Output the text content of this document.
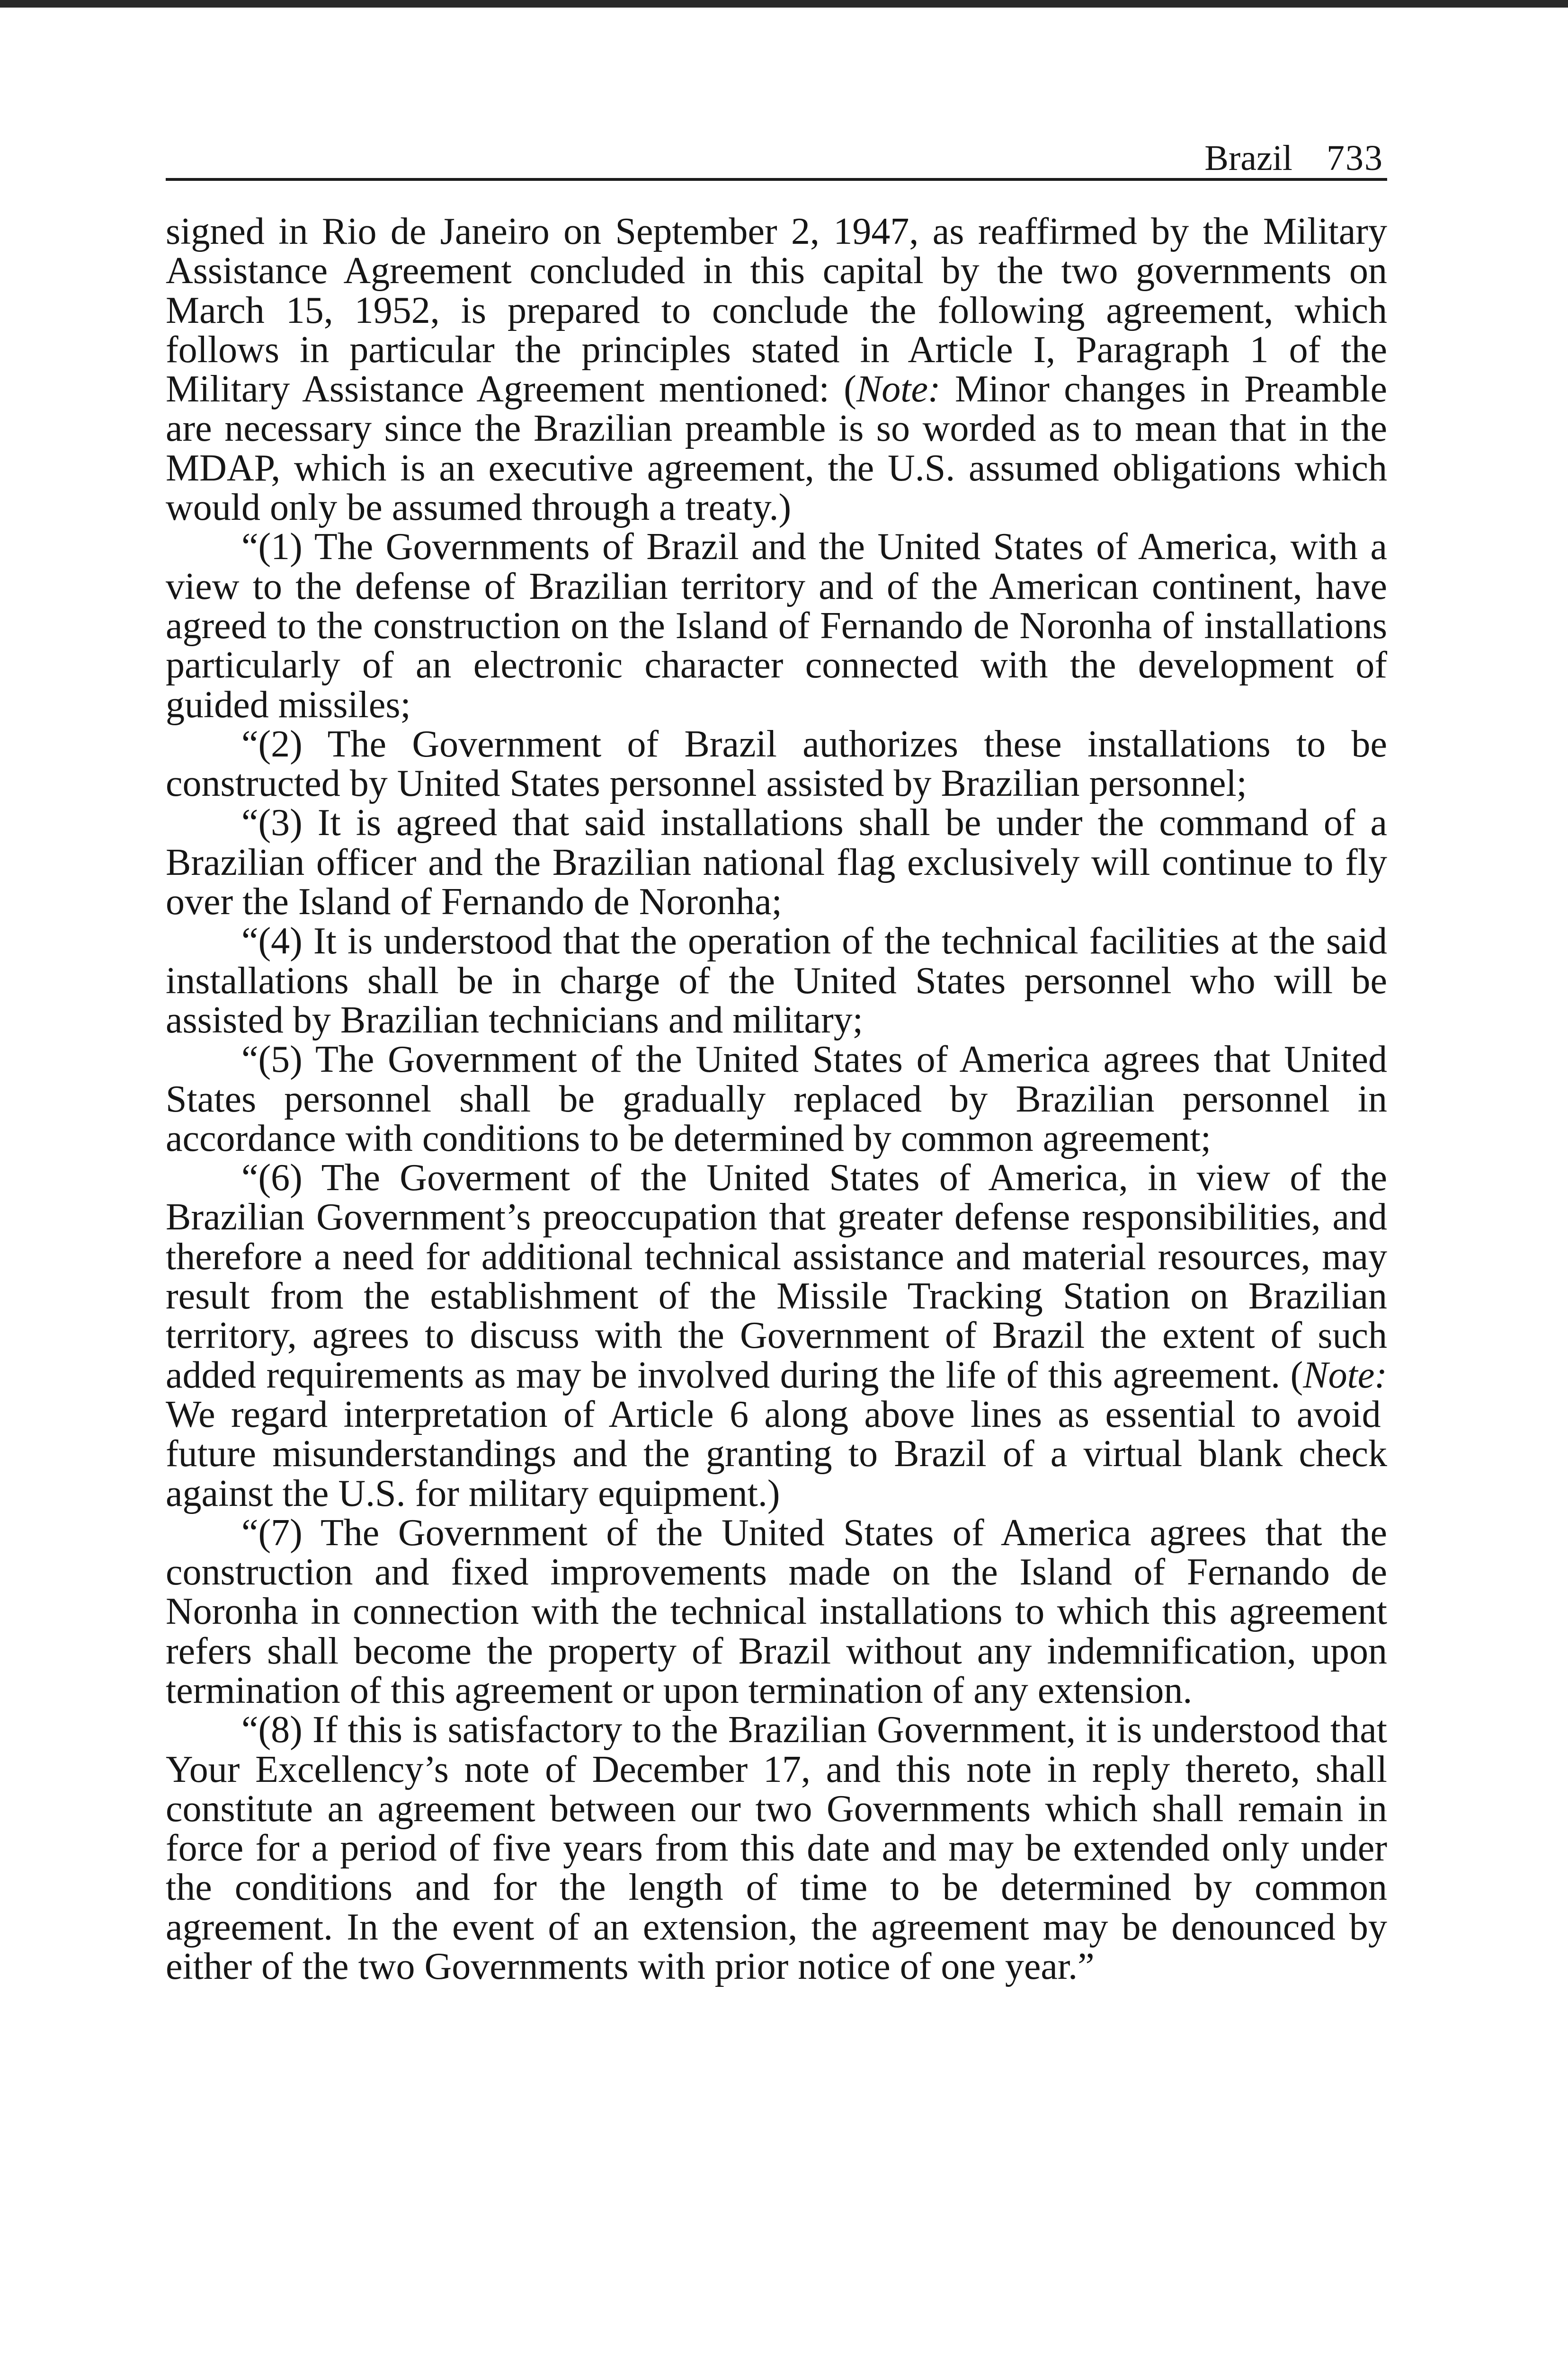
Brazil 733

signed in Rio de Janeiro on September 2, 1947, as reaffirmed by the Military Assistance Agreement concluded in this capital by the two governments on March 15, 1952, is prepared to conclude the following agreement, which follows in particular the principles stated in Article I, Paragraph 1 of the Military Assistance Agreement mentioned: (Note: Minor changes in Preamble are necessary since the Brazilian preamble is so worded as to mean that in the MDAP, which is an executive agreement, the U.S. assumed obligations which would only be assumed through a treaty.)

“(1) The Governments of Brazil and the United States of America, with a view to the defense of Brazilian territory and of the American continent, have agreed to the construction on the Island of Fernando de Noronha of installations particularly of an electronic character connected with the development of guided missiles;

“(2) The Government of Brazil authorizes these installations to be constructed by United States personnel assisted by Brazilian personnel;

“(3) It is agreed that said installations shall be under the command of a Brazilian officer and the Brazilian national flag exclusively will continue to fly over the Island of Fernando de Noronha;

“(4) It is understood that the operation of the technical facilities at the said installations shall be in charge of the United States personnel who will be assisted by Brazilian technicians and military;

“(5) The Government of the United States of America agrees that United States personnel shall be gradually replaced by Brazilian personnel in accordance with conditions to be determined by common agreement;

“(6) The Goverment of the United States of America, in view of the Brazilian Government’s preoccupation that greater defense responsibilities, and therefore a need for additional technical assistance and material resources, may result from the establishment of the Missile Tracking Station on Brazilian territory, agrees to discuss with the Government of Brazil the extent of such added requirements as may be involved during the life of this agreement. (Note: We regard interpretation of Article 6 along above lines as essential to avoid future misunderstandings and the granting to Brazil of a virtual blank check against the U.S. for military equipment.)

“(7) The Government of the United States of America agrees that the construction and fixed improvements made on the Island of Fernando de Noronha in connection with the technical installations to which this agreement refers shall become the property of Brazil without any indemnification, upon termination of this agreement or upon termination of any extension.

“(8) If this is satisfactory to the Brazilian Government, it is understood that Your Excellency’s note of December 17, and this note in reply thereto, shall constitute an agreement between our two Governments which shall remain in force for a period of five years from this date and may be extended only under the conditions and for the length of time to be determined by common agreement. In the event of an extension, the agreement may be denounced by either of the two Governments with prior notice of one year.”
